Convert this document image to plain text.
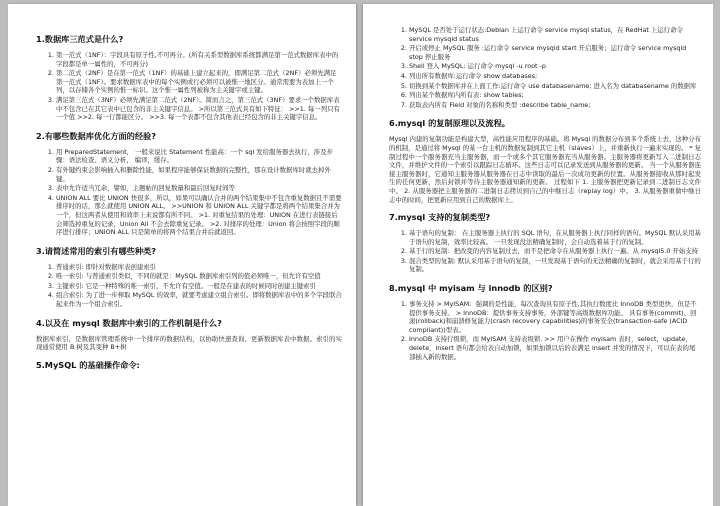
1.数据库三范式是什么?
1. 第一范式（1NF）：字段具有原子性,不可再分。(所有关系型数据库系统都满足第一范式数据库表中的字段都是单一属性的，不可再分)
2. 第二范式（2NF）是在第一范式（1NF）的基础上建立起来的，即满足第二范式（2NF）必须先满足第一范式（1NF）。要求数据库表中的每个实例或行必须可以被惟一地区分。通常需要为表加上一个列，以存储各个实例的惟一标识。这个惟一属性列被称为主关键字或主键。
3. 满足第三范式（3NF）必须先满足第二范式（2NF）。简而言之，第三范式（3NF）要求一个数据库表中不包含已在其它表中已包含的非主关键字信息。 >所以第三范式具有如下特征： >>1. 每一列只有一个值 >>2. 每一行都能区分。 >>3. 每一个表都不包含其他表已经包含的非主关键字信息。
2.有哪些数据库优化方面的经验?
1. 用 PreparedStatement， 一般来说比 Statement 性能高：一个 sql 发给服务器去执行，涉及步骤：语法检查、语义分析， 编译，缓存。
2. 有外键约束会影响插入和删除性能，如果程序能够保证数据的完整性，那在设计数据库时就去掉外键。
3. 表中允许适当冗余，譬如，主题帖的回复数量和最后回复时间等
4. UNION ALL 要比 UNION 快很多，所以，如果可以确认合并的两个结果集中不包含重复数据且不需要排序时的话，那么就使用 UNION ALL。 >>UNION 和 UNION ALL 关键字都是将两个结果集合并为一个，但这两者从使用和效率上来说都有所不同。 >1. 对重复结果的处理：UNION 在进行表链接后会筛选掉重复的记录，Union All 不会去除重复记录。 >2. 对排序的处理：Union 将会按照字段的顺序进行排序；UNION ALL 只是简单的将两个结果合并后就返回。
3.请简述常用的索引有哪些种类?
1. 普通索引: 即针对数据库表创建索引
2. 唯一索引: 与普通索引类似，不同的就是：MySQL 数据库索引列的值必须唯一，但允许有空值
3. 主键索引: 它是一种特殊的唯一索引，不允许有空值。一般是在建表的时候同时创建主键索引
4. 组合索引: 为了进一步榨取 MySQL 的效率，就要考虑建立组合索引。即将数据库表中的多个字段联合起来作为一个组合索引。
4.以及在 mysql 数据库中索引的工作机制是什么?

数据库索引，是数据库管理系统中一个排序的数据结构，以协助快速查询、更新数据库表中数据。索引的实现通常使用 B 树及其变种 B+树

5.MySQL 的基础操作命令:
1. MySQL 是否处于运行状态:Debian 上运行命令 service mysql status，在 RedHat 上运行命令 service mysqld status
2. 开启或停止 MySQL 服务 :运行命令 service mysqld start 开启服务；运行命令 service mysqld stop 停止服务
3. Shell 登入 MySQL: 运行命令 mysql -u root -p
4. 列出所有数据库:运行命令 show databases;
5. 切换到某个数据库并在上面工作:运行命令 use databasename; 进入名为 databasename 的数据库
6. 列出某个数据库内所有表: show tables;
7. 获取表内所有 Field 对象的名称和类型 :describe table_name;
6.mysql 的复制原理以及流程。

Mysql 内建的复制功能是构建大型，高性能应用程序的基础。将 Mysql 的数据分布到多个系统上去，这种分布的机制，是通过将 Mysql 的某一台主机的数据复制到其它主机（slaves）上，并重新执行一遍来实现的。 * 复制过程中一个服务器充当主服务器，而一个或多个其它服务器充当从服务器。主服务器将更新写入二进制日志文件，并维护文件的一个索引以跟踪日志循环。这些日志可以记录发送到从服务器的更新。 当一个从服务器连接主服务器时，它通知主服务器从服务器在日志中读取的最后一次成功更新的位置。从服务器接收从那时起发生的任何更新，然后封锁并等待主服务器通知新的更新。 过程如下 1. 主服务器把更新记录到二进制日志文件中。 2. 从服务器把主服务器的二进制日志拷贝到自己的中继日志（replay log）中。 3. 从服务器重做中继日志中的时间，把更新应用到自己的数据库上。

7.mysql 支持的复制类型?
1. 基于语句的复制： 在主服务器上执行的 SQL 语句，在从服务器上执行同样的语句。MySQL 默认采用基于语句的复制，效率比较高。 一旦发现没法精确复制时，会自动选着基于行的复制。
2. 基于行的复制：把改变的内容复制过去，而不是把命令在从服务器上执行一遍。从 mysql5.0 开始支持
3. 混合类型的复制: 默认采用基于语句的复制，一旦发现基于语句的无法精确的复制时，就会采用基于行的复制。
8.mysql 中 myisam 与 innodb 的区别?
1. 事务支持 > MyISAM：强调的是性能，每次查询具有原子性,其执行数度比 InnoDB 类型更快，但是不提供事务支持。 > InnoDB：提供事务支持事务，外部键等高级数据库功能。 具有事务(commit)、回滚(rollback)和崩溃修复能力(crash recovery capabilities)的事务安全(transaction-safe (ACID compliant))型表。
2. InnoDB 支持行级锁，而 MyISAM 支持表级锁. >> 用户在操作 myisam 表时，select，update，delete，insert 语句都会给表自动加锁，如果加锁以后的表满足 insert 并发的情况下，可以在表的尾部插入新的数据。
